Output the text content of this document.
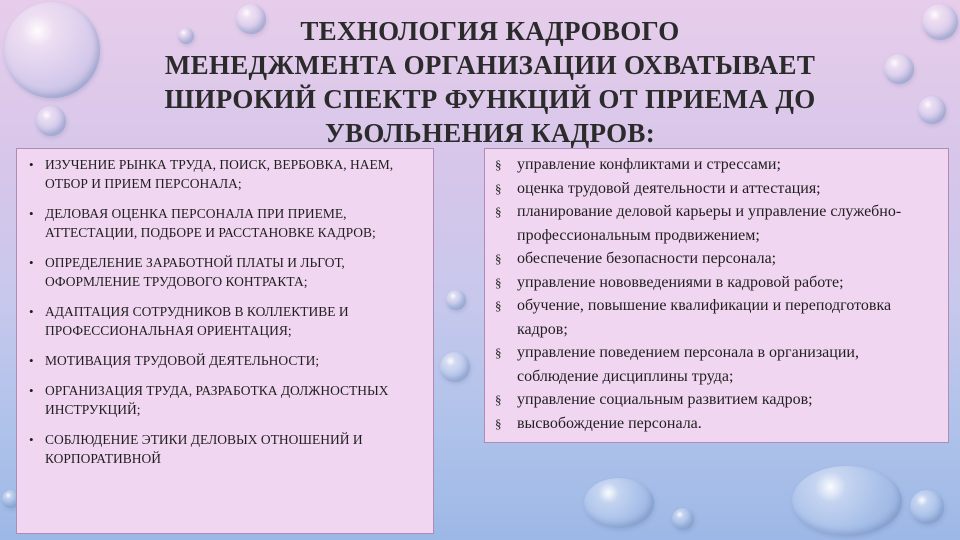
ТЕХНОЛОГИЯ КАДРОВОГО
МЕНЕДЖМЕНТА ОРГАНИЗАЦИИ ОХВАТЫВАЕТ
ШИРОКИЙ СПЕКТР ФУНКЦИЙ ОТ ПРИЕМА ДО
УВОЛЬНЕНИЯ КАДРОВ:
• ИЗУЧЕНИЕ РЫНКА ТРУДА, ПОИСК, ВЕРБОВКА, НАЕМ, ОТБОР И ПРИЕМ ПЕРСОНАЛА;
• ДЕЛОВАЯ ОЦЕНКА ПЕРСОНАЛА ПРИ ПРИЕМЕ, АТТЕСТАЦИИ, ПОДБОРЕ И РАССТАНОВКЕ КАДРОВ;
• ОПРЕДЕЛЕНИЕ ЗАРАБОТНОЙ ПЛАТЫ И ЛЬГОТ, ОФОРМЛЕНИЕ ТРУДОВОГО КОНТРАКТА;
• АДАПТАЦИЯ СОТРУДНИКОВ В КОЛЛЕКТИВЕ И ПРОФЕССИОНАЛЬНАЯ ОРИЕНТАЦИЯ;
• МОТИВАЦИЯ ТРУДОВОЙ ДЕЯТЕЛЬНОСТИ;
• ОРГАНИЗАЦИЯ ТРУДА, РАЗРАБОТКА ДОЛЖНОСТНЫХ ИНСТРУКЦИЙ;
• СОБЛЮДЕНИЕ ЭТИКИ ДЕЛОВЫХ ОТНОШЕНИЙ И КОРПОРАТИВНОЙ
§ управление конфликтами и стрессами;
§ оценка трудовой деятельности и аттестация;
§ планирование деловой карьеры и управление служебно-профессиональным продвижением;
§ обеспечение безопасности персонала;
§ управление нововведениями в кадровой работе;
§ обучение, повышение квалификации и переподготовка кадров;
§ управление поведением персонала в организации, соблюдение дисциплины труда;
§ управление социальным развитием кадров;
§ высвобождение персонала.
